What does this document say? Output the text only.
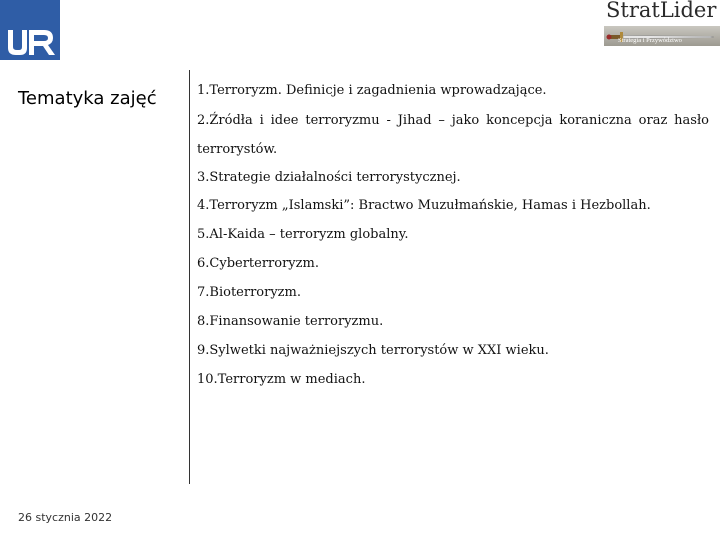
StratLider
Strategia i Przywództwo
Tematyka zajęć	1.Terroryzm. Definicje i zagadnienia wprowadzające.
2.Źródła i idee terroryzmu - Jihad – jako koncepcja koraniczna oraz hasło terrorystów.
3.Strategie działalności terrorystycznej.
4.Terroryzm „Islamski”: Bractwo Muzułmańskie, Hamas i Hezbollah.
5.Al-Kaida – terroryzm globalny.
6.Cyberterroryzm.
7.Bioterroryzm.
8.Finansowanie terroryzmu.
9.Sylwetki najważniejszych terrorystów w XXI wieku.
10.Terroryzm w mediach.
26 stycznia 2022
